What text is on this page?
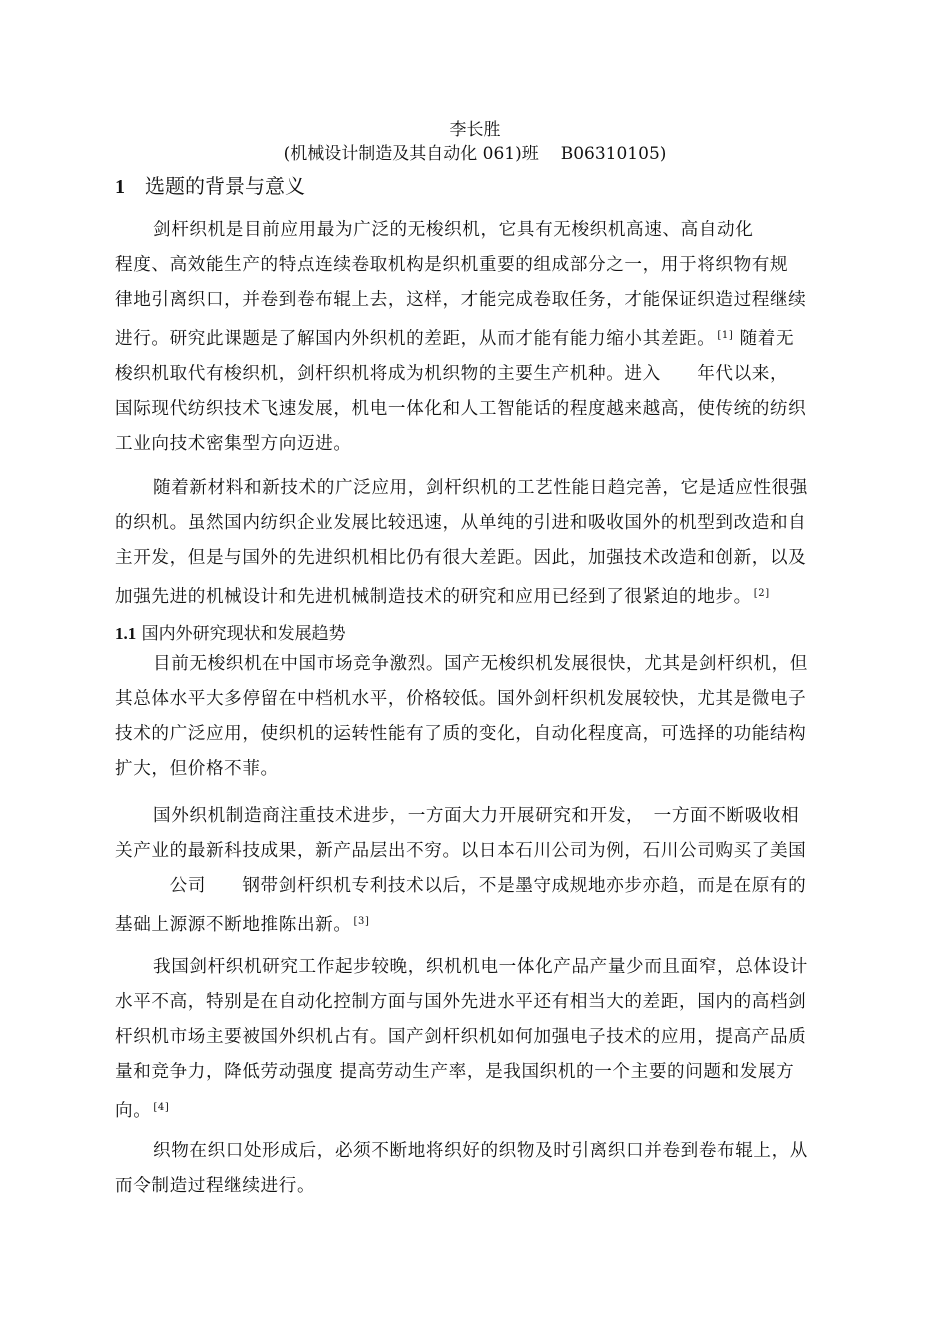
李长胜
(机械设计制造及其自动化 061)班 B06310105)
1 选题的背景与意义
剑杆织机是目前应用最为广泛的无梭织机，它具有无梭织机高速、高自动化
程度、高效能生产的特点连续卷取机构是织机重要的组成部分之一，用于将织物有规
律地引离织口，并卷到卷布辊上去，这样，才能完成卷取任务，才能保证织造过程继续
进行。研究此课题是了解国内外织机的差距，从而才能有能力缩小其差距。 [1] 随着无
梭织机取代有梭织机，剑杆织机将成为机织物的主要生产机种。进入　　年代以来，
国际现代纺织技术飞速发展，机电一体化和人工智能话的程度越来越高，使传统的纺织
工业向技术密集型方向迈进。
随着新材料和新技术的广泛应用，剑杆织机的工艺性能日趋完善，它是适应性很强
的织机。虽然国内纺织企业发展比较迅速，从单纯的引进和吸收国外的机型到改造和自
主开发，但是与国外的先进织机相比仍有很大差距。因此，加强技术改造和创新，以及
加强先进的机械设计和先进机械制造技术的研究和应用已经到了很紧迫的地步。 [2]
1.1 国内外研究现状和发展趋势
目前无梭织机在中国市场竞争激烈。国产无梭织机发展很快，尤其是剑杆织机，但
其总体水平大多停留在中档机水平，价格较低。国外剑杆织机发展较快，尤其是微电子
技术的广泛应用，使织机的运转性能有了质的变化，自动化程度高，可选择的功能结构
扩大，但价格不菲。
国外织机制造商注重技术进步，一方面大力开展研究和开发，　一方面不断吸收相
关产业的最新科技成果，新产品层出不穷。以日本石川公司为例，石川公司购买了美国
　　　公司　　钢带剑杆织机专利技术以后，不是墨守成规地亦步亦趋，而是在原有的
基础上源源不断地推陈出新。 [3]
我国剑杆织机研究工作起步较晚，织机机电一体化产品产量少而且面窄，总体设计
水平不高，特别是在自动化控制方面与国外先进水平还有相当大的差距，国内的高档剑
杆织机市场主要被国外织机占有。国产剑杆织机如何加强电子技术的应用，提高产品质
量和竞争力，降低劳动强度 提高劳动生产率，是我国织机的一个主要的问题和发展方
向。 [4]
织物在织口处形成后，必须不断地将织好的织物及时引离织口并卷到卷布辊上，从
而令制造过程继续进行。
